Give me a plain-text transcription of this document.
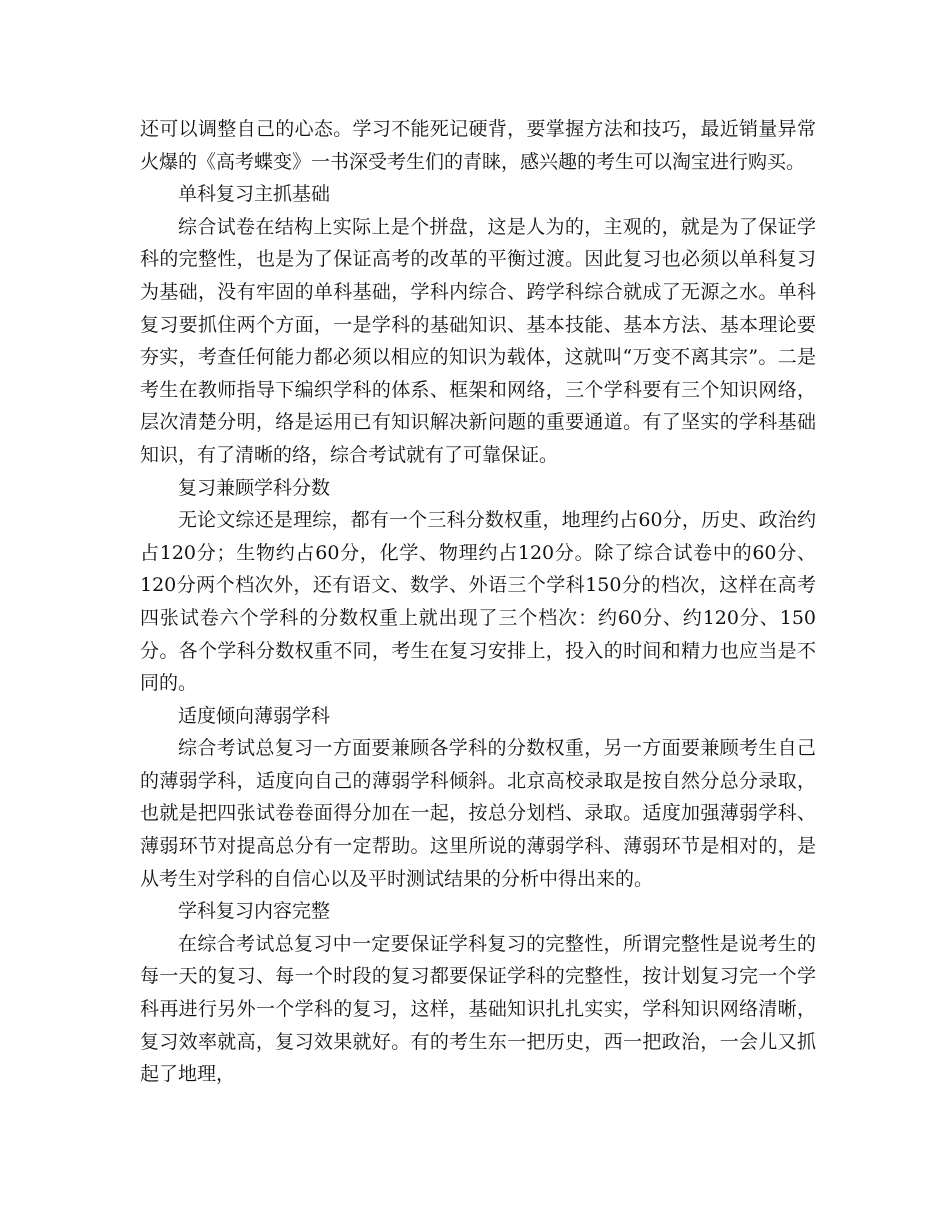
还可以调整自己的心态。学习不能死记硬背，要掌握方法和技巧，最近销量异常火爆的《高考蝶变》一书深受考生们的青睐，感兴趣的考生可以淘宝进行购买。

单科复习主抓基础

综合试卷在结构上实际上是个拼盘，这是人为的，主观的，就是为了保证学科的完整性，也是为了保证高考的改革的平衡过渡。因此复习也必须以单科复习为基础，没有牢固的单科基础，学科内综合、跨学科综合就成了无源之水。单科复习要抓住两个方面，一是学科的基础知识、基本技能、基本方法、基本理论要夯实，考查任何能力都必须以相应的知识为载体，这就叫“万变不离其宗”。二是考生在教师指导下编织学科的体系、框架和网络，三个学科要有三个知识网络，层次清楚分明，络是运用已有知识解决新问题的重要通道。有了坚实的学科基础知识，有了清晰的络，综合考试就有了可靠保证。

复习兼顾学科分数

无论文综还是理综，都有一个三科分数权重，地理约占60分，历史、政治约占120分；生物约占60分，化学、物理约占120分。除了综合试卷中的60分、120分两个档次外，还有语文、数学、外语三个学科150分的档次，这样在高考四张试卷六个学科的分数权重上就出现了三个档次：约60分、约120分、150分。各个学科分数权重不同，考生在复习安排上，投入的时间和精力也应当是不同的。

适度倾向薄弱学科

综合考试总复习一方面要兼顾各学科的分数权重，另一方面要兼顾考生自己的薄弱学科，适度向自己的薄弱学科倾斜。北京高校录取是按自然分总分录取，也就是把四张试卷卷面得分加在一起，按总分划档、录取。适度加强薄弱学科、薄弱环节对提高总分有一定帮助。这里所说的薄弱学科、薄弱环节是相对的，是从考生对学科的自信心以及平时测试结果的分析中得出来的。

学科复习内容完整

在综合考试总复习中一定要保证学科复习的完整性，所谓完整性是说考生的每一天的复习、每一个时段的复习都要保证学科的完整性，按计划复习完一个学科再进行另外一个学科的复习，这样，基础知识扎扎实实，学科知识网络清晰，复习效率就高，复习效果就好。有的考生东一把历史，西一把政治，一会儿又抓起了地理，
